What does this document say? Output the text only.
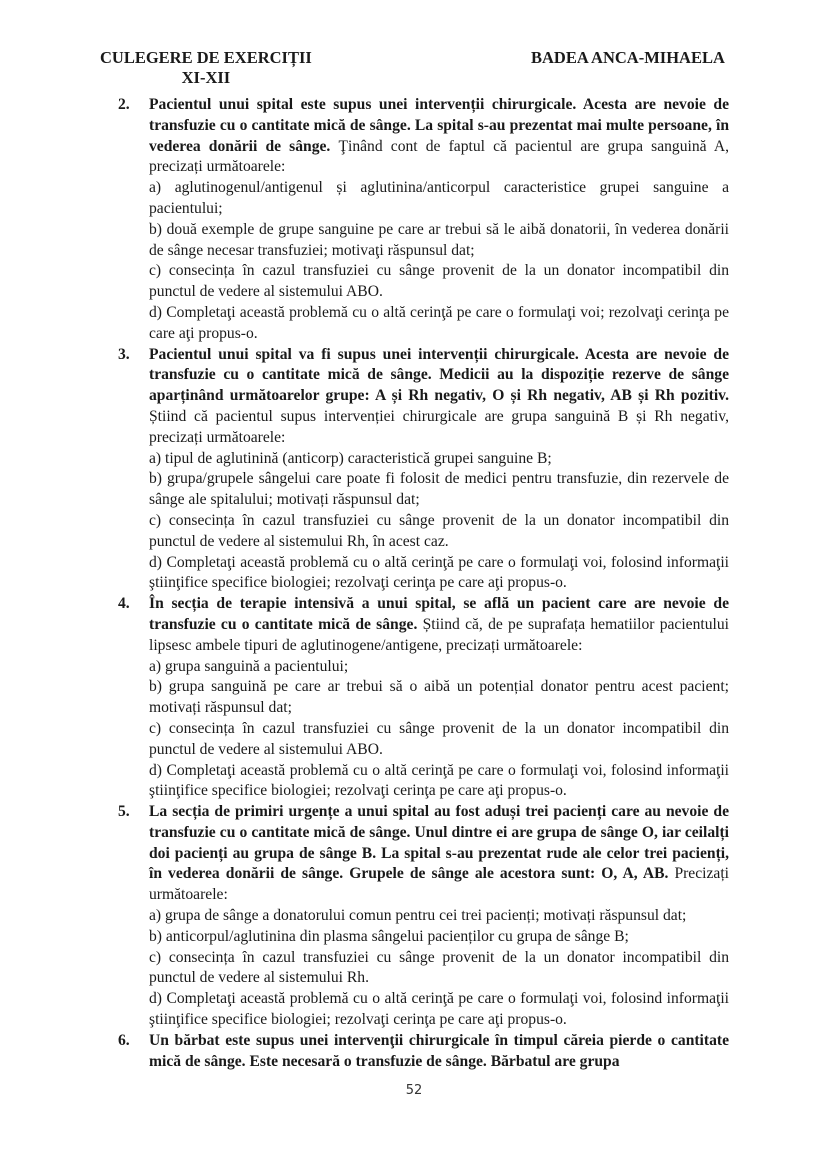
CULEGERE DE EXERCIȚII
XI-XII
BADEA ANCA-MIHAELA
2. Pacientul unui spital este supus unei intervenții chirurgicale. Acesta are nevoie de transfuzie cu o cantitate mică de sânge. La spital s-au prezentat mai multe persoane, în vederea donării de sânge. Ţinând cont de faptul că pacientul are grupa sanguină A, precizați următoarele:

a) aglutinogenul/antigenul și aglutinina/anticorpul caracteristice grupei sanguine a pacientului;

b) două exemple de grupe sanguine pe care ar trebui să le aibă donatorii, în vederea donării de sânge necesar transfuziei; motivaţi răspunsul dat;

c) consecința în cazul transfuziei cu sânge provenit de la un donator incompatibil din punctul de vedere al sistemului ABO.

d) Completaţi această problemă cu o altă cerinţă pe care o formulaţi voi; rezolvaţi cerinţa pe care aţi propus-o.

3. Pacientul unui spital va fi supus unei intervenții chirurgicale. Acesta are nevoie de transfuzie cu o cantitate mică de sânge. Medicii au la dispoziție rezerve de sânge aparținând următoarelor grupe: A și Rh negativ, O și Rh negativ, AB și Rh pozitiv. Știind că pacientul supus intervenției chirurgicale are grupa sanguină B și Rh negativ, precizați următoarele:

a) tipul de aglutinină (anticorp) caracteristică grupei sanguine B;

b) grupa/grupele sângelui care poate fi folosit de medici pentru transfuzie, din rezervele de sânge ale spitalului; motivați răspunsul dat;

c) consecința în cazul transfuziei cu sânge provenit de la un donator incompatibil din punctul de vedere al sistemului Rh, în acest caz.

d) Completaţi această problemă cu o altă cerinţă pe care o formulaţi voi, folosind informaţii ştiinţifice specifice biologiei; rezolvaţi cerinţa pe care aţi propus-o.

4. În secția de terapie intensivă a unui spital, se află un pacient care are nevoie de transfuzie cu o cantitate mică de sânge. Știind că, de pe suprafața hematiilor pacientului lipsesc ambele tipuri de aglutinogene/antigene, precizați următoarele:

a) grupa sanguină a pacientului;

b) grupa sanguină pe care ar trebui să o aibă un potențial donator pentru acest pacient; motivați răspunsul dat;

c) consecința în cazul transfuziei cu sânge provenit de la un donator incompatibil din punctul de vedere al sistemului ABO.

d) Completaţi această problemă cu o altă cerinţă pe care o formulaţi voi, folosind informaţii ştiinţifice specifice biologiei; rezolvaţi cerinţa pe care aţi propus-o.

5. La secția de primiri urgențe a unui spital au fost aduși trei pacienți care au nevoie de transfuzie cu o cantitate mică de sânge. Unul dintre ei are grupa de sânge O, iar ceilalți doi pacienți au grupa de sânge B. La spital s-au prezentat rude ale celor trei pacienți, în vederea donării de sânge. Grupele de sânge ale acestora sunt: O, A, AB. Precizați următoarele:

a) grupa de sânge a donatorului comun pentru cei trei pacienți; motivați răspunsul dat;

b) anticorpul/aglutinina din plasma sângelui pacienților cu grupa de sânge B;

c) consecința în cazul transfuziei cu sânge provenit de la un donator incompatibil din punctul de vedere al sistemului Rh.

d) Completaţi această problemă cu o altă cerinţă pe care o formulaţi voi, folosind informaţii ştiinţifice specifice biologiei; rezolvaţi cerinţa pe care aţi propus-o.

6. Un bărbat este supus unei intervenţii chirurgicale în timpul căreia pierde o cantitate mică de sânge. Este necesară o transfuzie de sânge. Bărbatul are grupa

52
